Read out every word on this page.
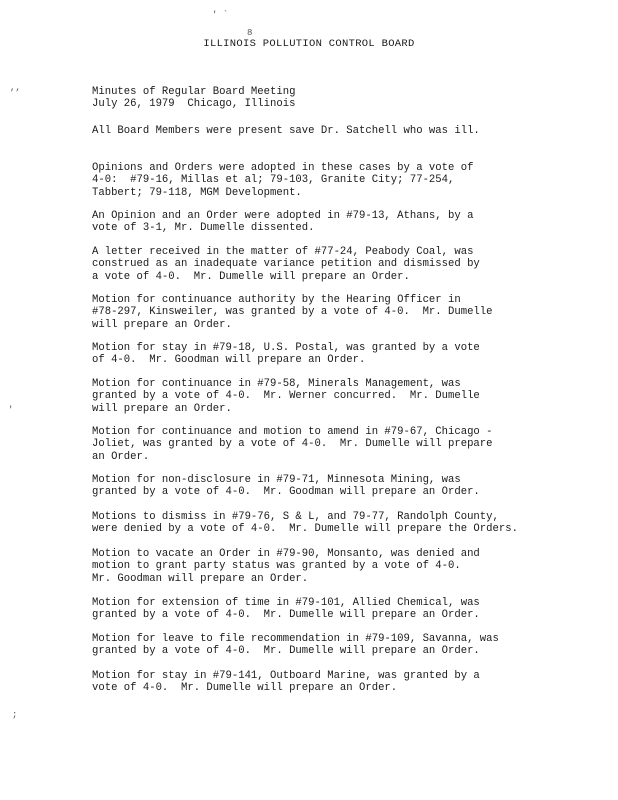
' `
8
,,
'
;
ILLINOIS POLLUTION CONTROL BOARD
Minutes of Regular Board Meeting
July 26, 1979  Chicago, Illinois
All Board Members were present save Dr. Satchell who was ill.
Opinions and Orders were adopted in these cases by a vote of
4-0:  #79-16, Millas et al; 79-103, Granite City; 77-254,
Tabbert; 79-118, MGM Development.
An Opinion and an Order were adopted in #79-13, Athans, by a
vote of 3-1, Mr. Dumelle dissented.
A letter received in the matter of #77-24, Peabody Coal, was
construed as an inadequate variance petition and dismissed by
a vote of 4-0.  Mr. Dumelle will prepare an Order.
Motion for continuance authority by the Hearing Officer in
#78-297, Kinsweiler, was granted by a vote of 4-0.  Mr. Dumelle
will prepare an Order.
Motion for stay in #79-18, U.S. Postal, was granted by a vote
of 4-0.  Mr. Goodman will prepare an Order.
Motion for continuance in #79-58, Minerals Management, was
granted by a vote of 4-0.  Mr. Werner concurred.  Mr. Dumelle
will prepare an Order.
Motion for continuance and motion to amend in #79-67, Chicago -
Joliet, was granted by a vote of 4-0.  Mr. Dumelle will prepare
an Order.
Motion for non-disclosure in #79-71, Minnesota Mining, was
granted by a vote of 4-0.  Mr. Goodman will prepare an Order.
Motions to dismiss in #79-76, S & L, and 79-77, Randolph County,
were denied by a vote of 4-0.  Mr. Dumelle will prepare the Orders.
Motion to vacate an Order in #79-90, Monsanto, was denied and
motion to grant party status was granted by a vote of 4-0.
Mr. Goodman will prepare an Order.
Motion for extension of time in #79-101, Allied Chemical, was
granted by a vote of 4-0.  Mr. Dumelle will prepare an Order.
Motion for leave to file recommendation in #79-109, Savanna, was
granted by a vote of 4-0.  Mr. Dumelle will prepare an Order.
Motion for stay in #79-141, Outboard Marine, was granted by a
vote of 4-0.  Mr. Dumelle will prepare an Order.
